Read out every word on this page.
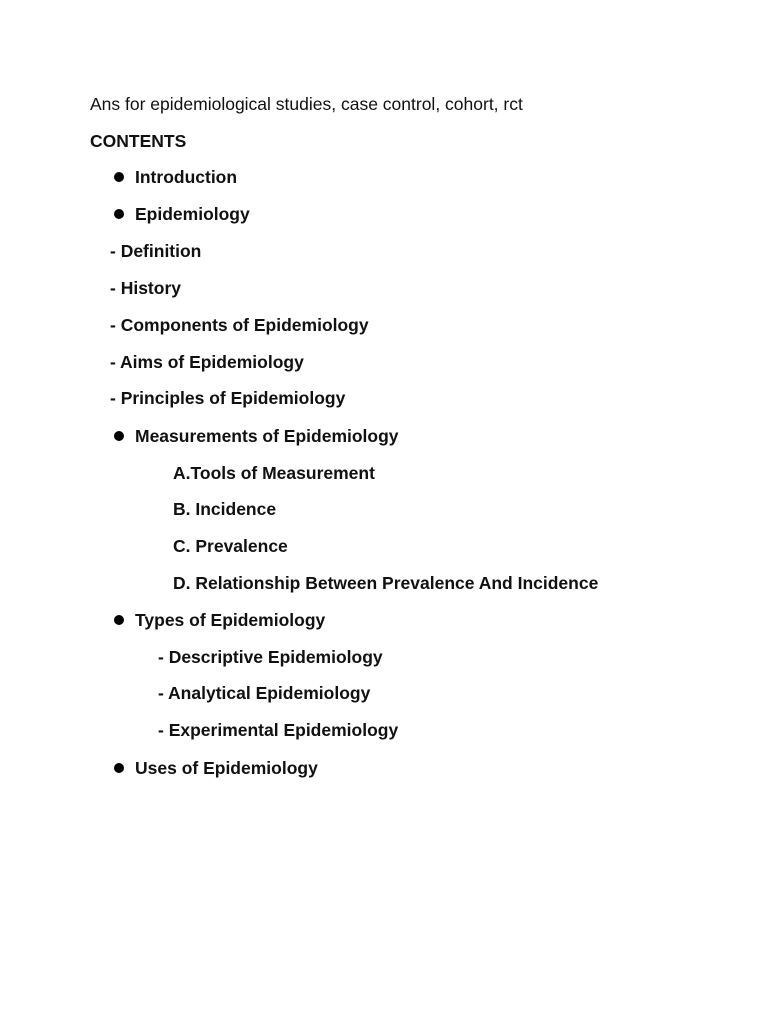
Ans for epidemiological studies, case control, cohort, rct
CONTENTS
Introduction
Epidemiology
- Definition
- History
- Components of Epidemiology
- Aims of Epidemiology
- Principles of Epidemiology
Measurements of Epidemiology
A.Tools of Measurement
B. Incidence
C. Prevalence
D. Relationship Between Prevalence And Incidence
Types of Epidemiology
- Descriptive Epidemiology
- Analytical Epidemiology
- Experimental Epidemiology
Uses of Epidemiology
